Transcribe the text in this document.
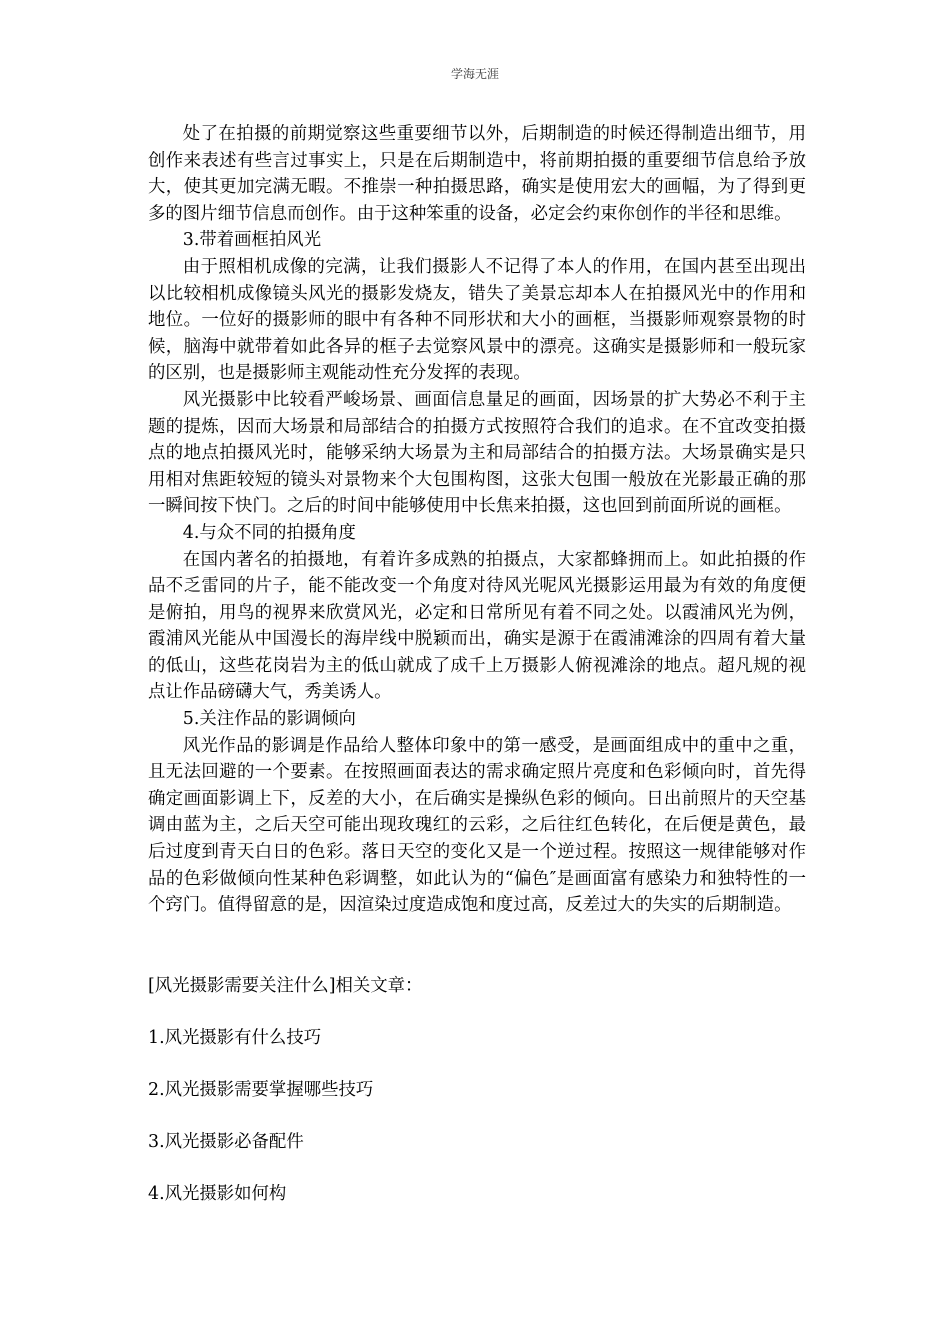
学海无涯

处了在拍摄的前期觉察这些重要细节以外，后期制造的时候还得制造出细节，用创作来表述有些言过事实上，只是在后期制造中，将前期拍摄的重要细节信息给予放大，使其更加完满无暇。不推崇一种拍摄思路，确实是使用宏大的画幅，为了得到更多的图片细节信息而创作。由于这种笨重的设备，必定会约束你创作的半径和思维。

3.带着画框拍风光

由于照相机成像的完满，让我们摄影人不记得了本人的作用，在国内甚至出现出以比较相机成像镜头风光的摄影发烧友，错失了美景忘却本人在拍摄风光中的作用和地位。一位好的摄影师的眼中有各种不同形状和大小的画框，当摄影师观察景物的时候，脑海中就带着如此各异的框子去觉察风景中的漂亮。这确实是摄影师和一般玩家的区别，也是摄影师主观能动性充分发挥的表现。

风光摄影中比较看严峻场景、画面信息量足的画面，因场景的扩大势必不利于主题的提炼，因而大场景和局部结合的拍摄方式按照符合我们的追求。在不宜改变拍摄点的地点拍摄风光时，能够采纳大场景为主和局部结合的拍摄方法。大场景确实是只用相对焦距较短的镜头对景物来个大包围构图，这张大包围一般放在光影最正确的那一瞬间按下快门。之后的时间中能够使用中长焦来拍摄，这也回到前面所说的画框。

4.与众不同的拍摄角度

在国内著名的拍摄地，有着许多成熟的拍摄点，大家都蜂拥而上。如此拍摄的作品不乏雷同的片子，能不能改变一个角度对待风光呢风光摄影运用最为有效的角度便是俯拍，用鸟的视界来欣赏风光，必定和日常所见有着不同之处。以霞浦风光为例，霞浦风光能从中国漫长的海岸线中脱颖而出，确实是源于在霞浦滩涂的四周有着大量的低山，这些花岗岩为主的低山就成了成千上万摄影人俯视滩涂的地点。超凡规的视点让作品磅礴大气，秀美诱人。

5.关注作品的影调倾向

风光作品的影调是作品给人整体印象中的第一感受，是画面组成中的重中之重，且无法回避的一个要素。在按照画面表达的需求确定照片亮度和色彩倾向时，首先得确定画面影调上下，反差的大小，在后确实是操纵色彩的倾向。日出前照片的天空基调由蓝为主，之后天空可能出现玫瑰红的云彩，之后往红色转化，在后便是黄色，最后过度到青天白日的色彩。落日天空的变化又是一个逆过程。按照这一规律能够对作品的色彩做倾向性某种色彩调整，如此认为的“偏色″是画面富有感染力和独特性的一个窍门。值得留意的是，因渲染过度造成饱和度过高，反差过大的失实的后期制造。

[风光摄影需要关注什么]相关文章：
1.风光摄影有什么技巧
2.风光摄影需要掌握哪些技巧
3.风光摄影必备配件
4.风光摄影如何构
